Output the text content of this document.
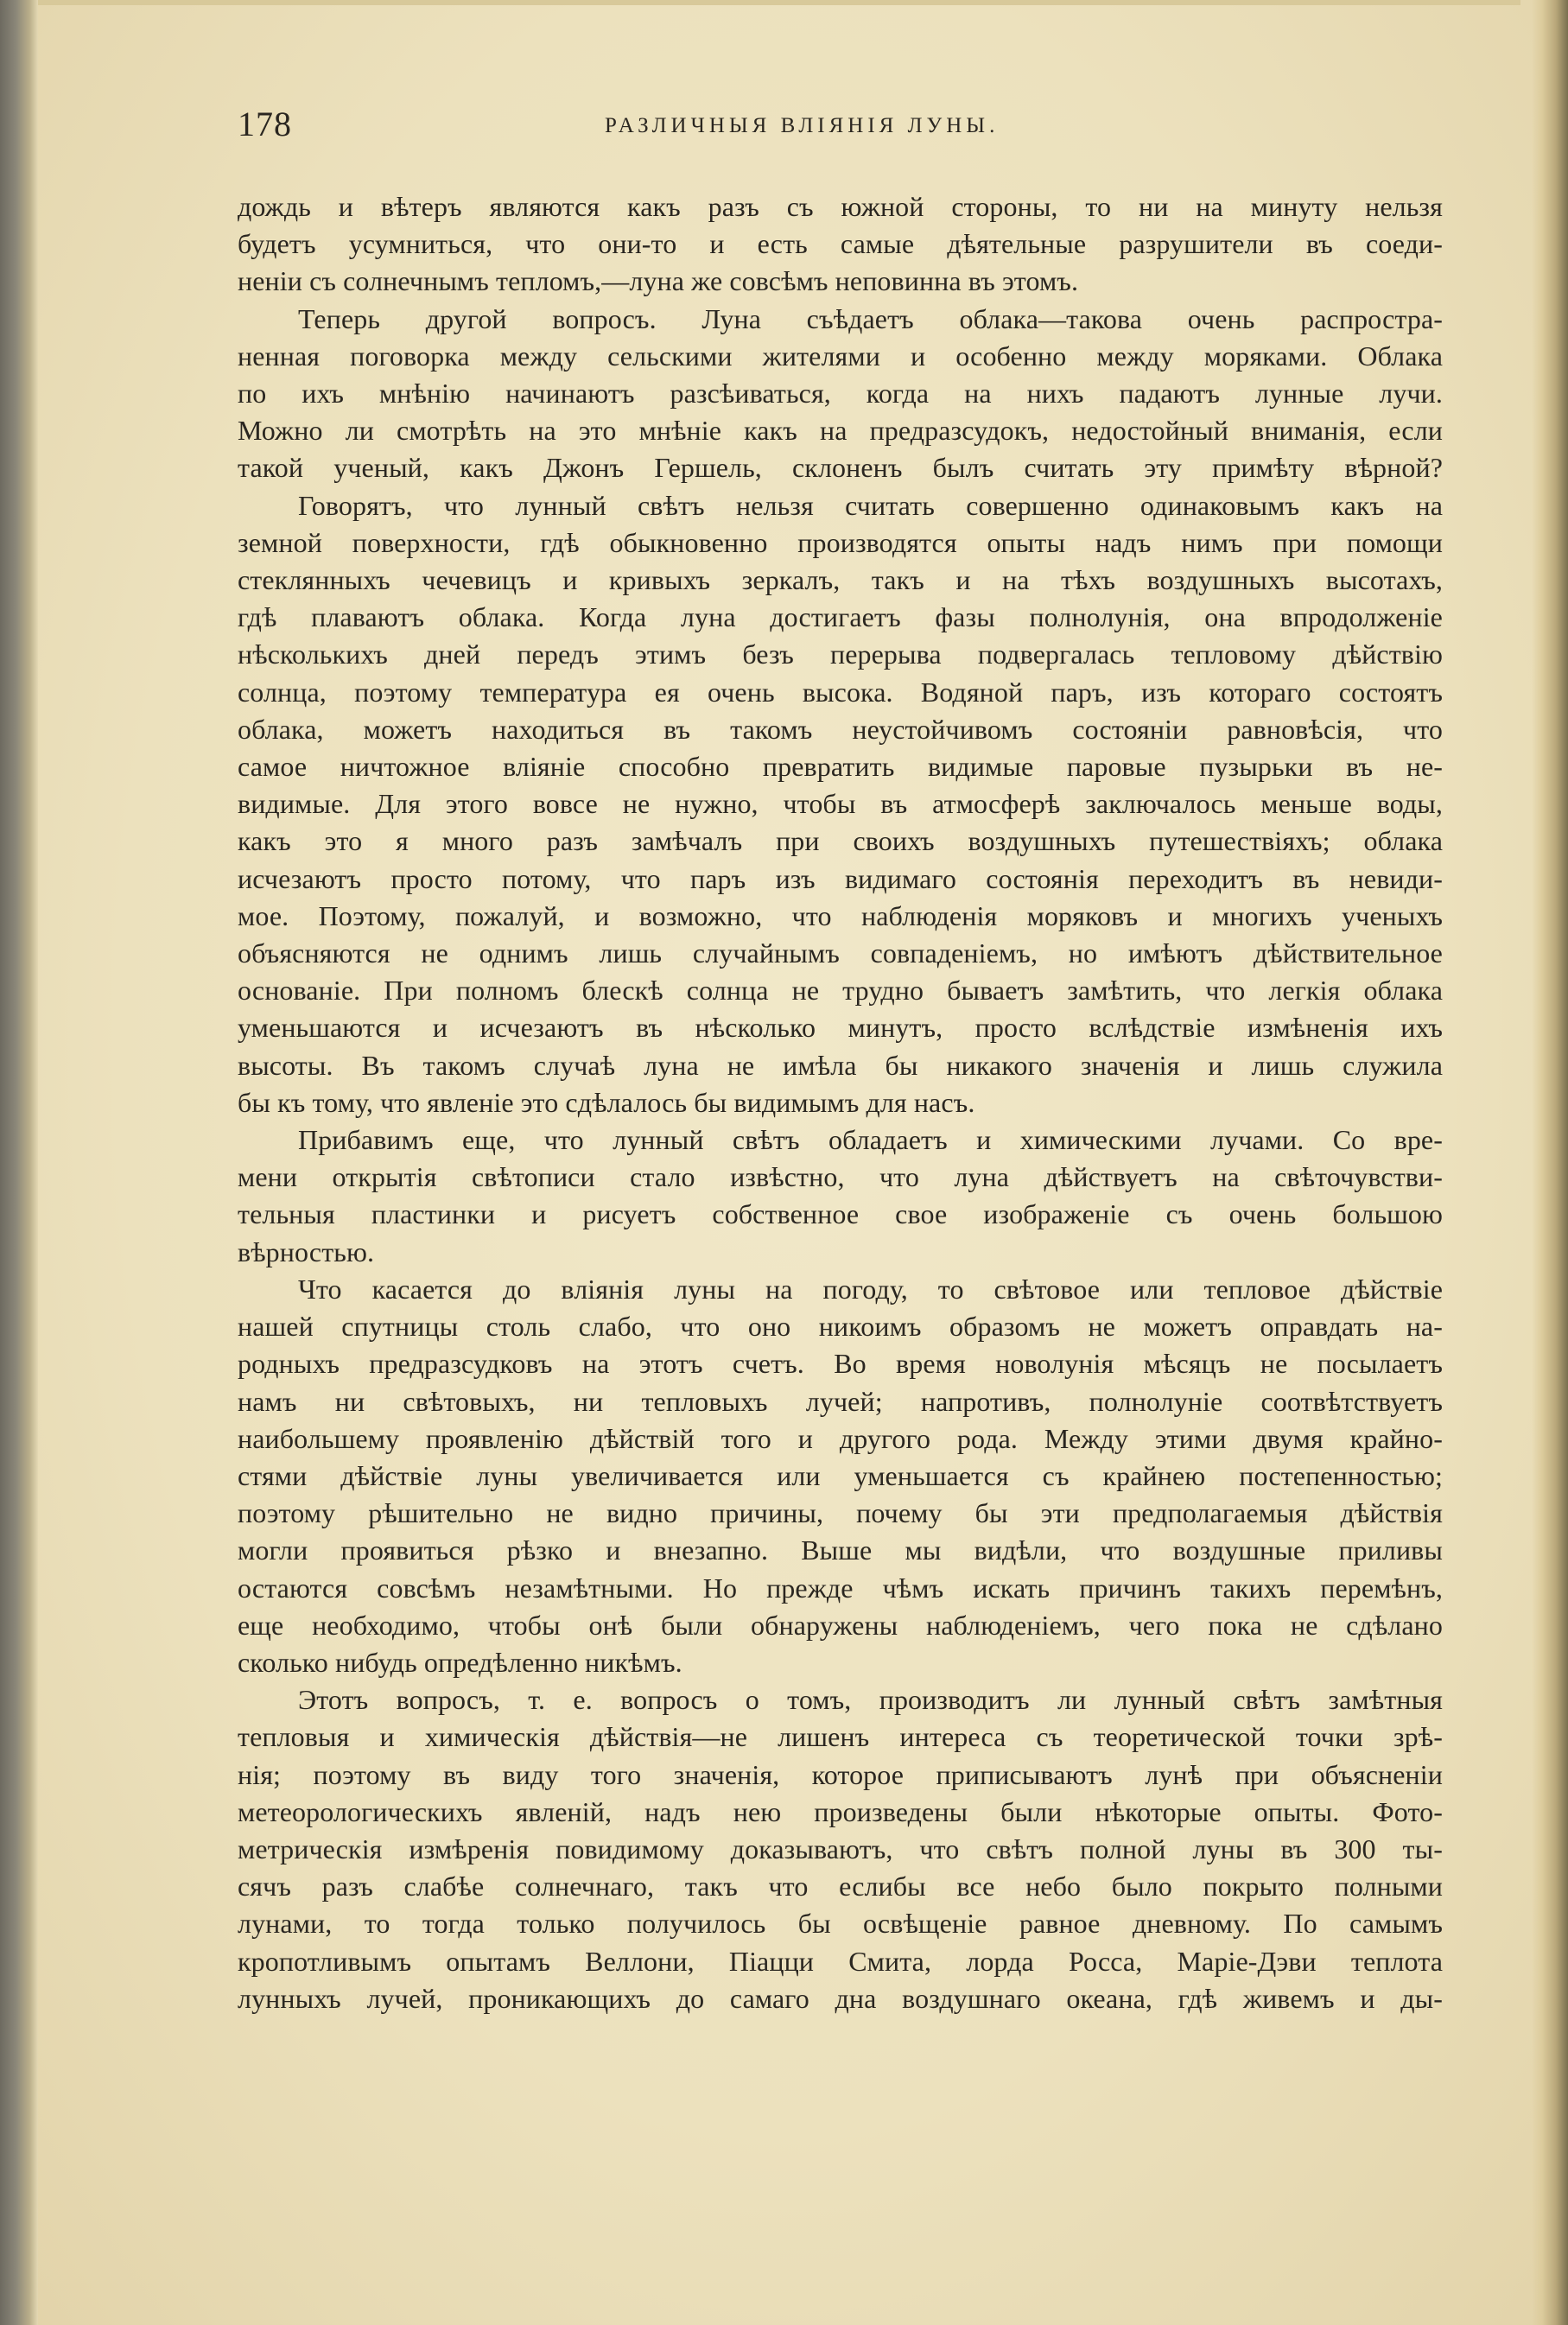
178	РАЗЛИЧНЫЯ ВЛІЯНІЯ ЛУНЫ.
дождь и вѣтеръ являются какъ разъ съ южной стороны, то ни на минуту нельзя
будетъ усумниться, что они-то и есть самые дѣятельные разрушители въ соеди-
неніи съ солнечнымъ тепломъ,—луна же совсѣмъ неповинна въ этомъ.
Теперь другой вопросъ. Луна съѣдаетъ облака—такова очень распростра-
ненная поговорка между сельскими жителями и особенно между моряками. Облака
по ихъ мнѣнію начинаютъ разсѣиваться, когда на нихъ падаютъ лунные лучи.
Можно ли смотрѣть на это мнѣніе какъ на предразсудокъ, недостойный вниманія, если
такой ученый, какъ Джонъ Гершель, склоненъ былъ считать эту примѣту вѣрной?
Говорятъ, что лунный свѣтъ нельзя считать совершенно одинаковымъ какъ на
земной поверхности, гдѣ обыкновенно производятся опыты надъ нимъ при помощи
стеклянныхъ чечевицъ и кривыхъ зеркалъ, такъ и на тѣхъ воздушныхъ высотахъ,
гдѣ плаваютъ облака. Когда луна достигаетъ фазы полнолунія, она впродолженіе
нѣсколькихъ дней передъ этимъ безъ перерыва подвергалась тепловому дѣйствію
солнца, поэтому температура ея очень высока. Водяной паръ, изъ котораго состоятъ
облака, можетъ находиться въ такомъ неустойчивомъ состояніи равновѣсія, что
самое ничтожное вліяніе способно превратить видимые паровые пузырьки въ не-
видимые. Для этого вовсе не нужно, чтобы въ атмосферѣ заключалось меньше воды,
какъ это я много разъ замѣчалъ при своихъ воздушныхъ путешествіяхъ; облака
исчезаютъ просто потому, что паръ изъ видимаго состоянія переходитъ въ невиди-
мое. Поэтому, пожалуй, и возможно, что наблюденія моряковъ и многихъ ученыхъ
объясняются не однимъ лишь случайнымъ совпаденіемъ, но имѣютъ дѣйствительное
основаніе. При полномъ блескѣ солнца не трудно бываетъ замѣтить, что легкія облака
уменьшаются и исчезаютъ въ нѣсколько минутъ, просто вслѣдствіе измѣненія ихъ
высоты. Въ такомъ случаѣ луна не имѣла бы никакого значенія и лишь служила
бы къ тому, что явленіе это сдѣлалось бы видимымъ для насъ.
Прибавимъ еще, что лунный свѣтъ обладаетъ и химическими лучами. Со вре-
мени открытія свѣтописи стало извѣстно, что луна дѣйствуетъ на свѣточувстви-
тельныя пластинки и рисуетъ собственное свое изображеніе съ очень большою
вѣрностью.
Что касается до вліянія луны на погоду, то свѣтовое или тепловое дѣйствіе
нашей спутницы столь слабо, что оно никоимъ образомъ не можетъ оправдать на-
родныхъ предразсудковъ на этотъ счетъ. Во время новолунія мѣсяцъ не посылаетъ
намъ ни свѣтовыхъ, ни тепловыхъ лучей; напротивъ, полнолуніе соотвѣтствуетъ
наибольшему проявленію дѣйствій того и другого рода. Между этими двумя крайно-
стями дѣйствіе луны увеличивается или уменьшается съ крайнею постепенностью;
поэтому рѣшительно не видно причины, почему бы эти предполагаемыя дѣйствія
могли проявиться рѣзко и внезапно. Выше мы видѣли, что воздушные приливы
остаются совсѣмъ незамѣтными. Но прежде чѣмъ искать причинъ такихъ перемѣнъ,
еще необходимо, чтобы онѣ были обнаружены наблюденіемъ, чего пока не сдѣлано
сколько нибудь опредѣленно никѣмъ.
Этотъ вопросъ, т. е. вопросъ о томъ, производитъ ли лунный свѣтъ замѣтныя
тепловыя и химическія дѣйствія—не лишенъ интереса съ теоретической точки зрѣ-
нія; поэтому въ виду того значенія, которое приписываютъ лунѣ при объясненіи
метеорологическихъ явленій, надъ нею произведены были нѣкоторые опыты. Фото-
метрическія измѣренія повидимому доказываютъ, что свѣтъ полной луны въ 300 ты-
сячъ разъ слабѣе солнечнаго, такъ что еслибы все небо было покрыто полными
лунами, то тогда только получилось бы освѣщеніе равное дневному. По самымъ
кропотливымъ опытамъ Веллони, Піацци Смита, лорда Росса, Маріе-Дэви теплота
лунныхъ лучей, проникающихъ до самаго дна воздушнаго океана, гдѣ живемъ и ды-
